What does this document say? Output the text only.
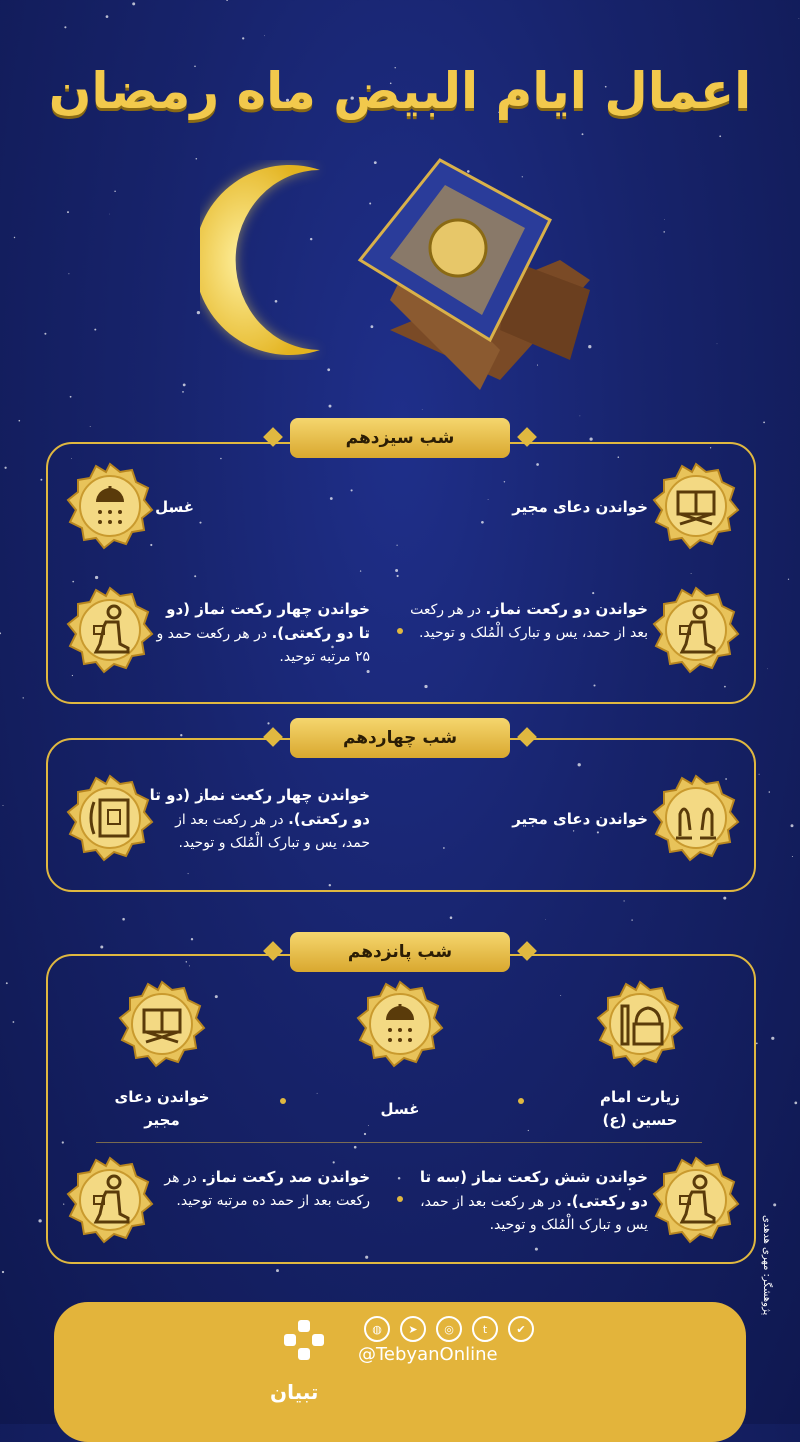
اعمال ایام البیض ماه رمضان
شب سیزدهم
خواندن دعای مجیر
غسل
خواندن دو رکعت نماز. در هر رکعت بعد از حمد، یس و تبارک الْمُلک و توحید.
خواندن چهار رکعت نماز (دو تا دو رکعتی). در هر رکعت حمد و ۲۵ مرتبه توحید.
شب چهاردهم
خواندن دعای مجیر
خواندن چهار رکعت نماز (دو تا دو رکعتی). در هر رکعت بعد از حمد، یس و تبارک الْمُلک و توحید.
شب پانزدهم
زیارت امام حسین (ع)
غسل
خواندن دعای مجیر
خواندن شش رکعت نماز (سه تا دو رکعتی). در هر رکعت بعد از حمد، یس و تبارک الْمُلک و توحید.
خواندن صد رکعت نماز. در هر رکعت بعد از حمد ده مرتبه توحید.
پژوهشگر: مهری هدهدی
✔
t
◎
➤
◍
@TebyanOnline
تبیان
